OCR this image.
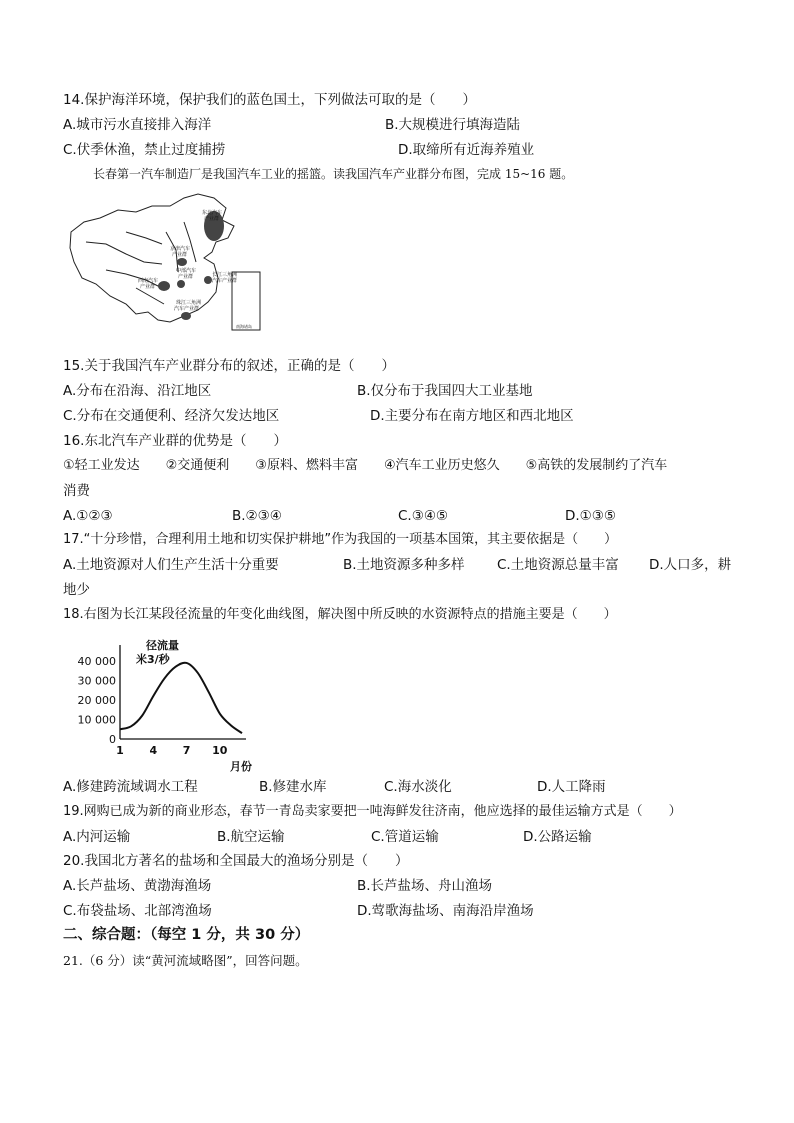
14.保护海洋环境，保护我们的蓝色国土，下列做法可取的是（　　）
A.城市污水直接排入海洋	B.大规模进行填海造陆
C.伏季休渔，禁止过度捕捞	D.取缔所有近海养殖业
长春第一汽车制造厂是我国汽车工业的摇篮。读我国汽车产业群分布图，完成 15~16 题。
东北汽车
产业群
京津汽车
产业群
中部汽车
产业群
西南汽车
产业群
长江三角洲
汽车产业群
珠江三角洲
汽车产业群
南海诸岛
15.关于我国汽车产业群分布的叙述，正确的是（　　）
A.分布在沿海、沿江地区	B.仅分布于我国四大工业基地
C.分布在交通便利、经济欠发达地区	D.主要分布在南方地区和西北地区
16.东北汽车产业群的优势是（　　）
①轻工业发达　　②交通便利　　③原料、燃料丰富　　④汽车工业历史悠久　　⑤高铁的发展制约了汽车
消费
A.①②③	B.②③④	C.③④⑤	D.①③⑤
17.“十分珍惜，合理利用土地和切实保护耕地”作为我国的一项基本国策，其主要依据是（　　）
A.土地资源对人们生产生活十分重要	B.土地资源多种多样 C.土地资源总量丰富 D.人口多，耕
地少
18.右图为长江某段径流量的年变化曲线图，解决图中所反映的水资源特点的措施主要是（　　）
0
10 000
20 000
30 000
40 000
1 4 7 10
径流量
米3/秒
月份
A.修建跨流域调水工程	B.修建水库	C.海水淡化	D.人工降雨
19.网购已成为新的商业形态，春节一青岛卖家要把一吨海鲜发往济南，他应选择的最佳运输方式是（　　）
A.内河运输	B.航空运输	C.管道运输	D.公路运输
20.我国北方著名的盐场和全国最大的渔场分别是（　　）
A.长芦盐场、黄渤海渔场	B.长芦盐场、舟山渔场
C.布袋盐场、北部湾渔场	D.莺歌海盐场、南海沿岸渔场
二、综合题：（每空 1 分，共 30 分）
21.（6 分）读“黄河流域略图”，回答问题。
